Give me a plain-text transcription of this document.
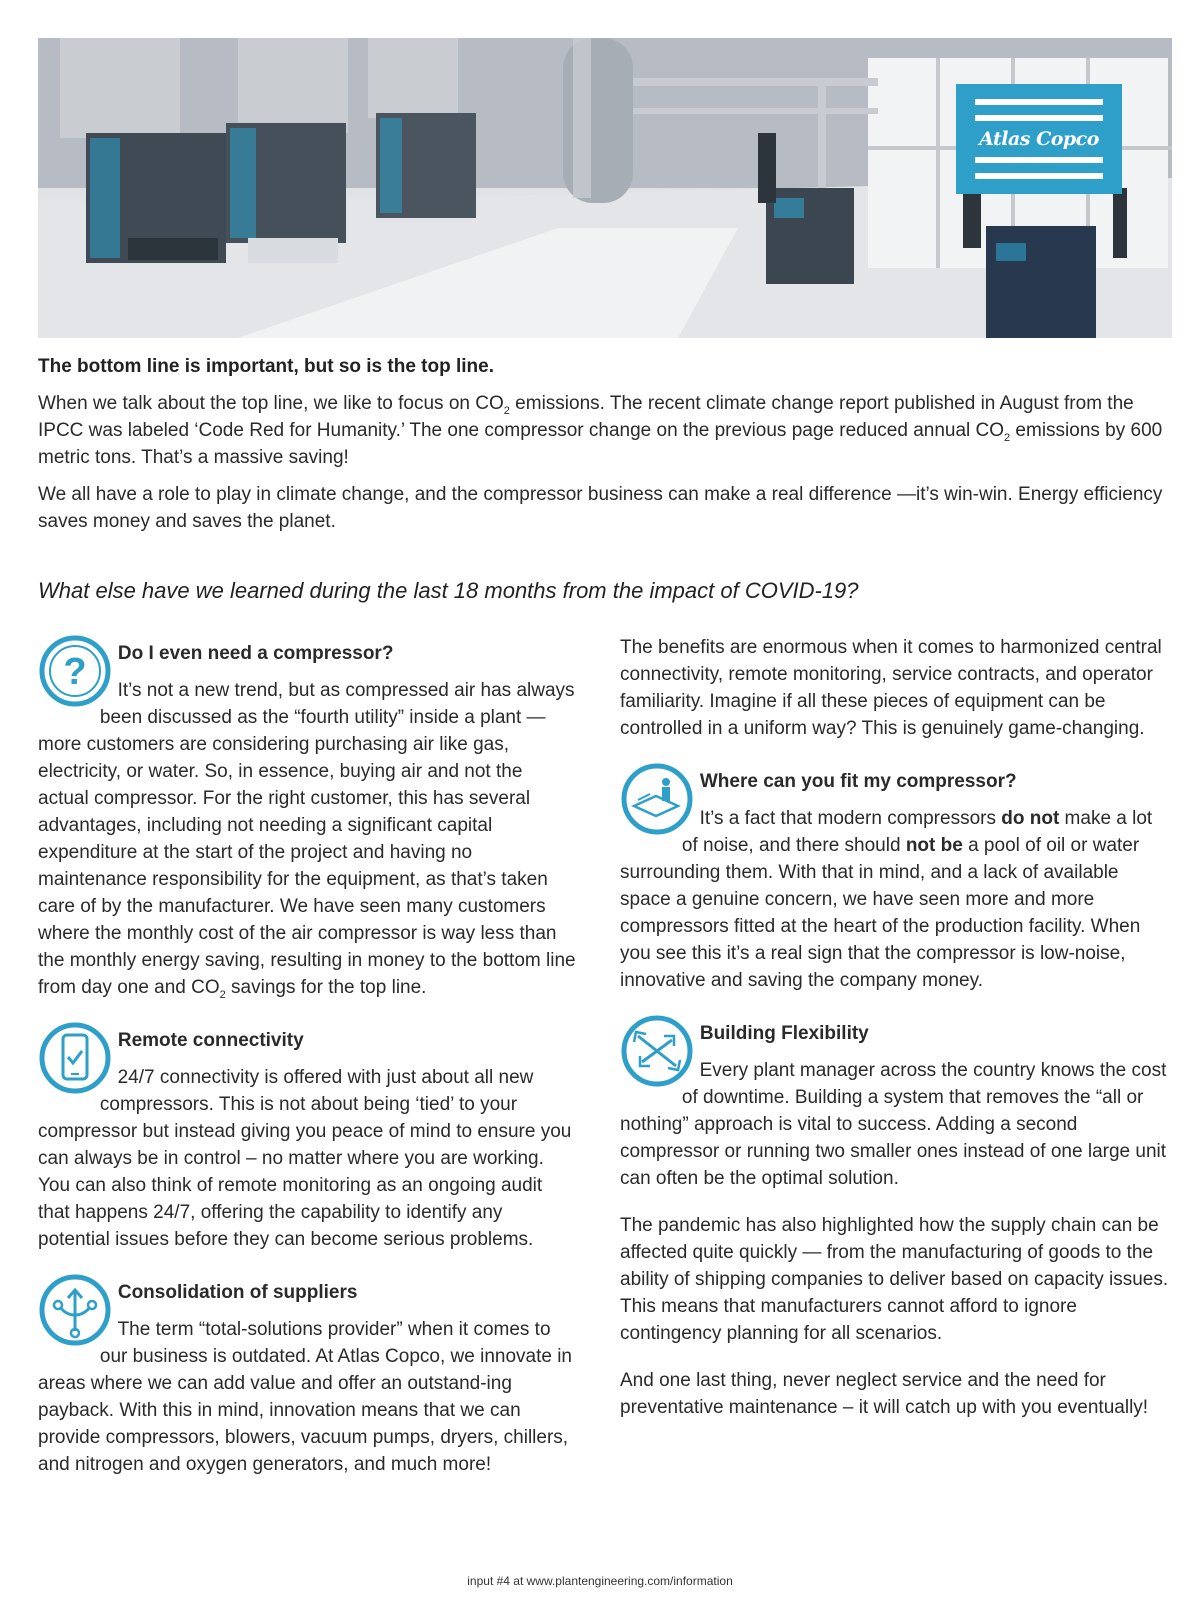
Atlas Copco
The bottom line is important, but so is the top line.

When we talk about the top line, we like to focus on $CO_2$ emissions. The recent climate change report published in August from the IPCC was labeled ‘Code Red for Humanity.’ The one compressor change on the previous page reduced annual $CO_2$ emissions by 600 metric tons. That’s a massive saving!

We all have a role to play in climate change, and the compressor business can make a real difference —it’s win-win. Energy efficiency saves money and saves the planet.

What else have we learned during the last 18 months from the impact of COVID-19?
?	Do I even need a compressor?
It’s not a new trend, but as compressed air has always been discussed as the “fourth utility” inside a plant — more customers are considering purchasing air like gas, electricity, or water. So, in essence, buying air and not the actual compressor. For the right customer, this has several advantages, including not needing a significant capital expenditure at the start of the project and having no maintenance responsibility for the equipment, as that’s taken care of by the manufacturer. We have seen many customers where the monthly cost of the air compressor is way less than the monthly energy saving, resulting in money to the bottom line from day one and $CO_2$ savings for the top line.
Remote connectivity
24/7 connectivity is offered with just about all new compressors. This is not about being ‘tied’ to your compressor but instead giving you peace of mind to ensure you can always be in control – no matter where you are working. You can also think of remote monitoring as an ongoing audit that happens 24/7, offering the capability to identify any potential issues before they can become serious problems.
Consolidation of suppliers
The term “total-solutions provider” when it comes to our business is outdated. At Atlas Copco, we innovate in areas where we can add value and offer an outstand-ing payback. With this in mind, innovation means that we can provide compressors, blowers, vacuum pumps, dryers, chillers, and nitrogen and oxygen generators, and much more!

The benefits are enormous when it comes to harmonized central connectivity, remote monitoring, service contracts, and operator familiarity. Imagine if all these pieces of equipment can be controlled in a uniform way? This is genuinely game-changing.

Where can you fit my compressor?
It’s a fact that modern compressors do not make a lot of noise, and there should not be a pool of oil or water surrounding them. With that in mind, and a lack of available space a genuine concern, we have seen more and more compressors fitted at the heart of the production facility. When you see this it’s a real sign that the compressor is low-noise, innovative and saving the company money.
Building Flexibility
Every plant manager across the country knows the cost of downtime. Building a system that removes the “all or nothing” approach is vital to success. Adding a second compressor or running two smaller ones instead of one large unit can often be the optimal solution.

The pandemic has also highlighted how the supply chain can be affected quite quickly — from the manufacturing of goods to the ability of shipping companies to deliver based on capacity issues. This means that manufacturers cannot afford to ignore contingency planning for all scenarios.

And one last thing, never neglect service and the need for preventative maintenance – it will catch up with you eventually!

input #4 at www.plantengineering.com/information
